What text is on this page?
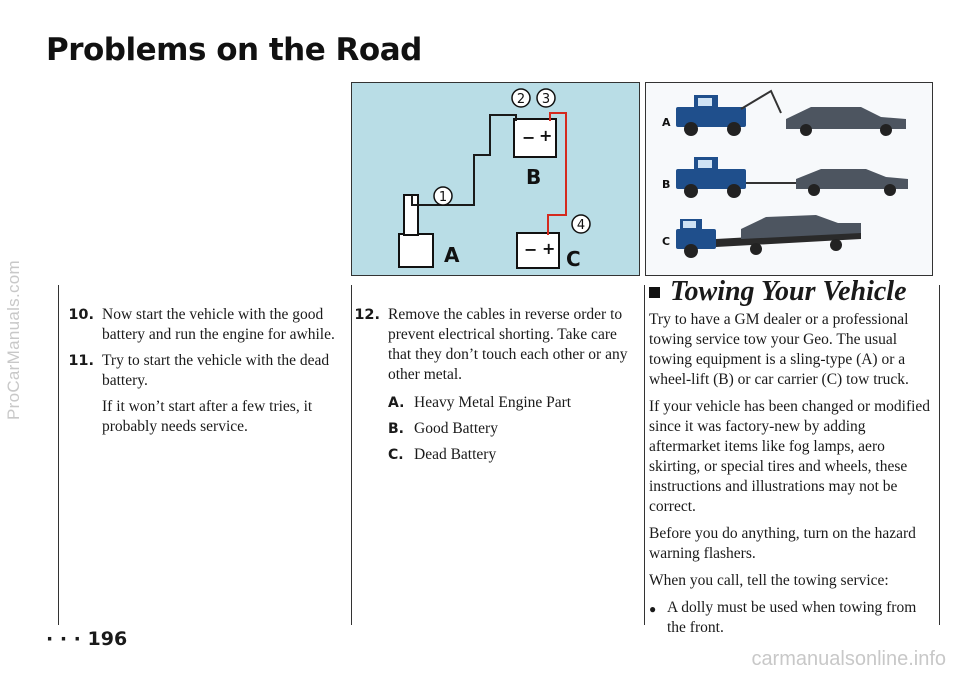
ProCarManuals.com
Problems on the Road
A
− +
B
− + C
1
2 3
4
A
B
C
10. Now start the vehicle with the good battery and run the engine for awhile.
11. Try to start the vehicle with the dead battery.
If it won’t start after a few tries, it probably needs service.
12. Remove the cables in reverse order to prevent electrical shorting. Take care that they don’t touch each other or any other metal.
A. Heavy Metal Engine Part
B. Good Battery
C. Dead Battery
Towing Your Vehicle
Try to have a GM dealer or a professional towing service tow your Geo. The usual towing equipment is a sling-type (A) or a wheel-lift (B) or car carrier (C) tow truck.
If your vehicle has been changed or modified since it was factory-new by adding aftermarket items like fog lamps, aero skirting, or special tires and wheels, these instructions and illustrations may not be correct.
Before you do anything, turn on the hazard warning flashers.
When you call, tell the towing service:
● A dolly must be used when towing from the front.
· · · 196
carmanualsonline.info
